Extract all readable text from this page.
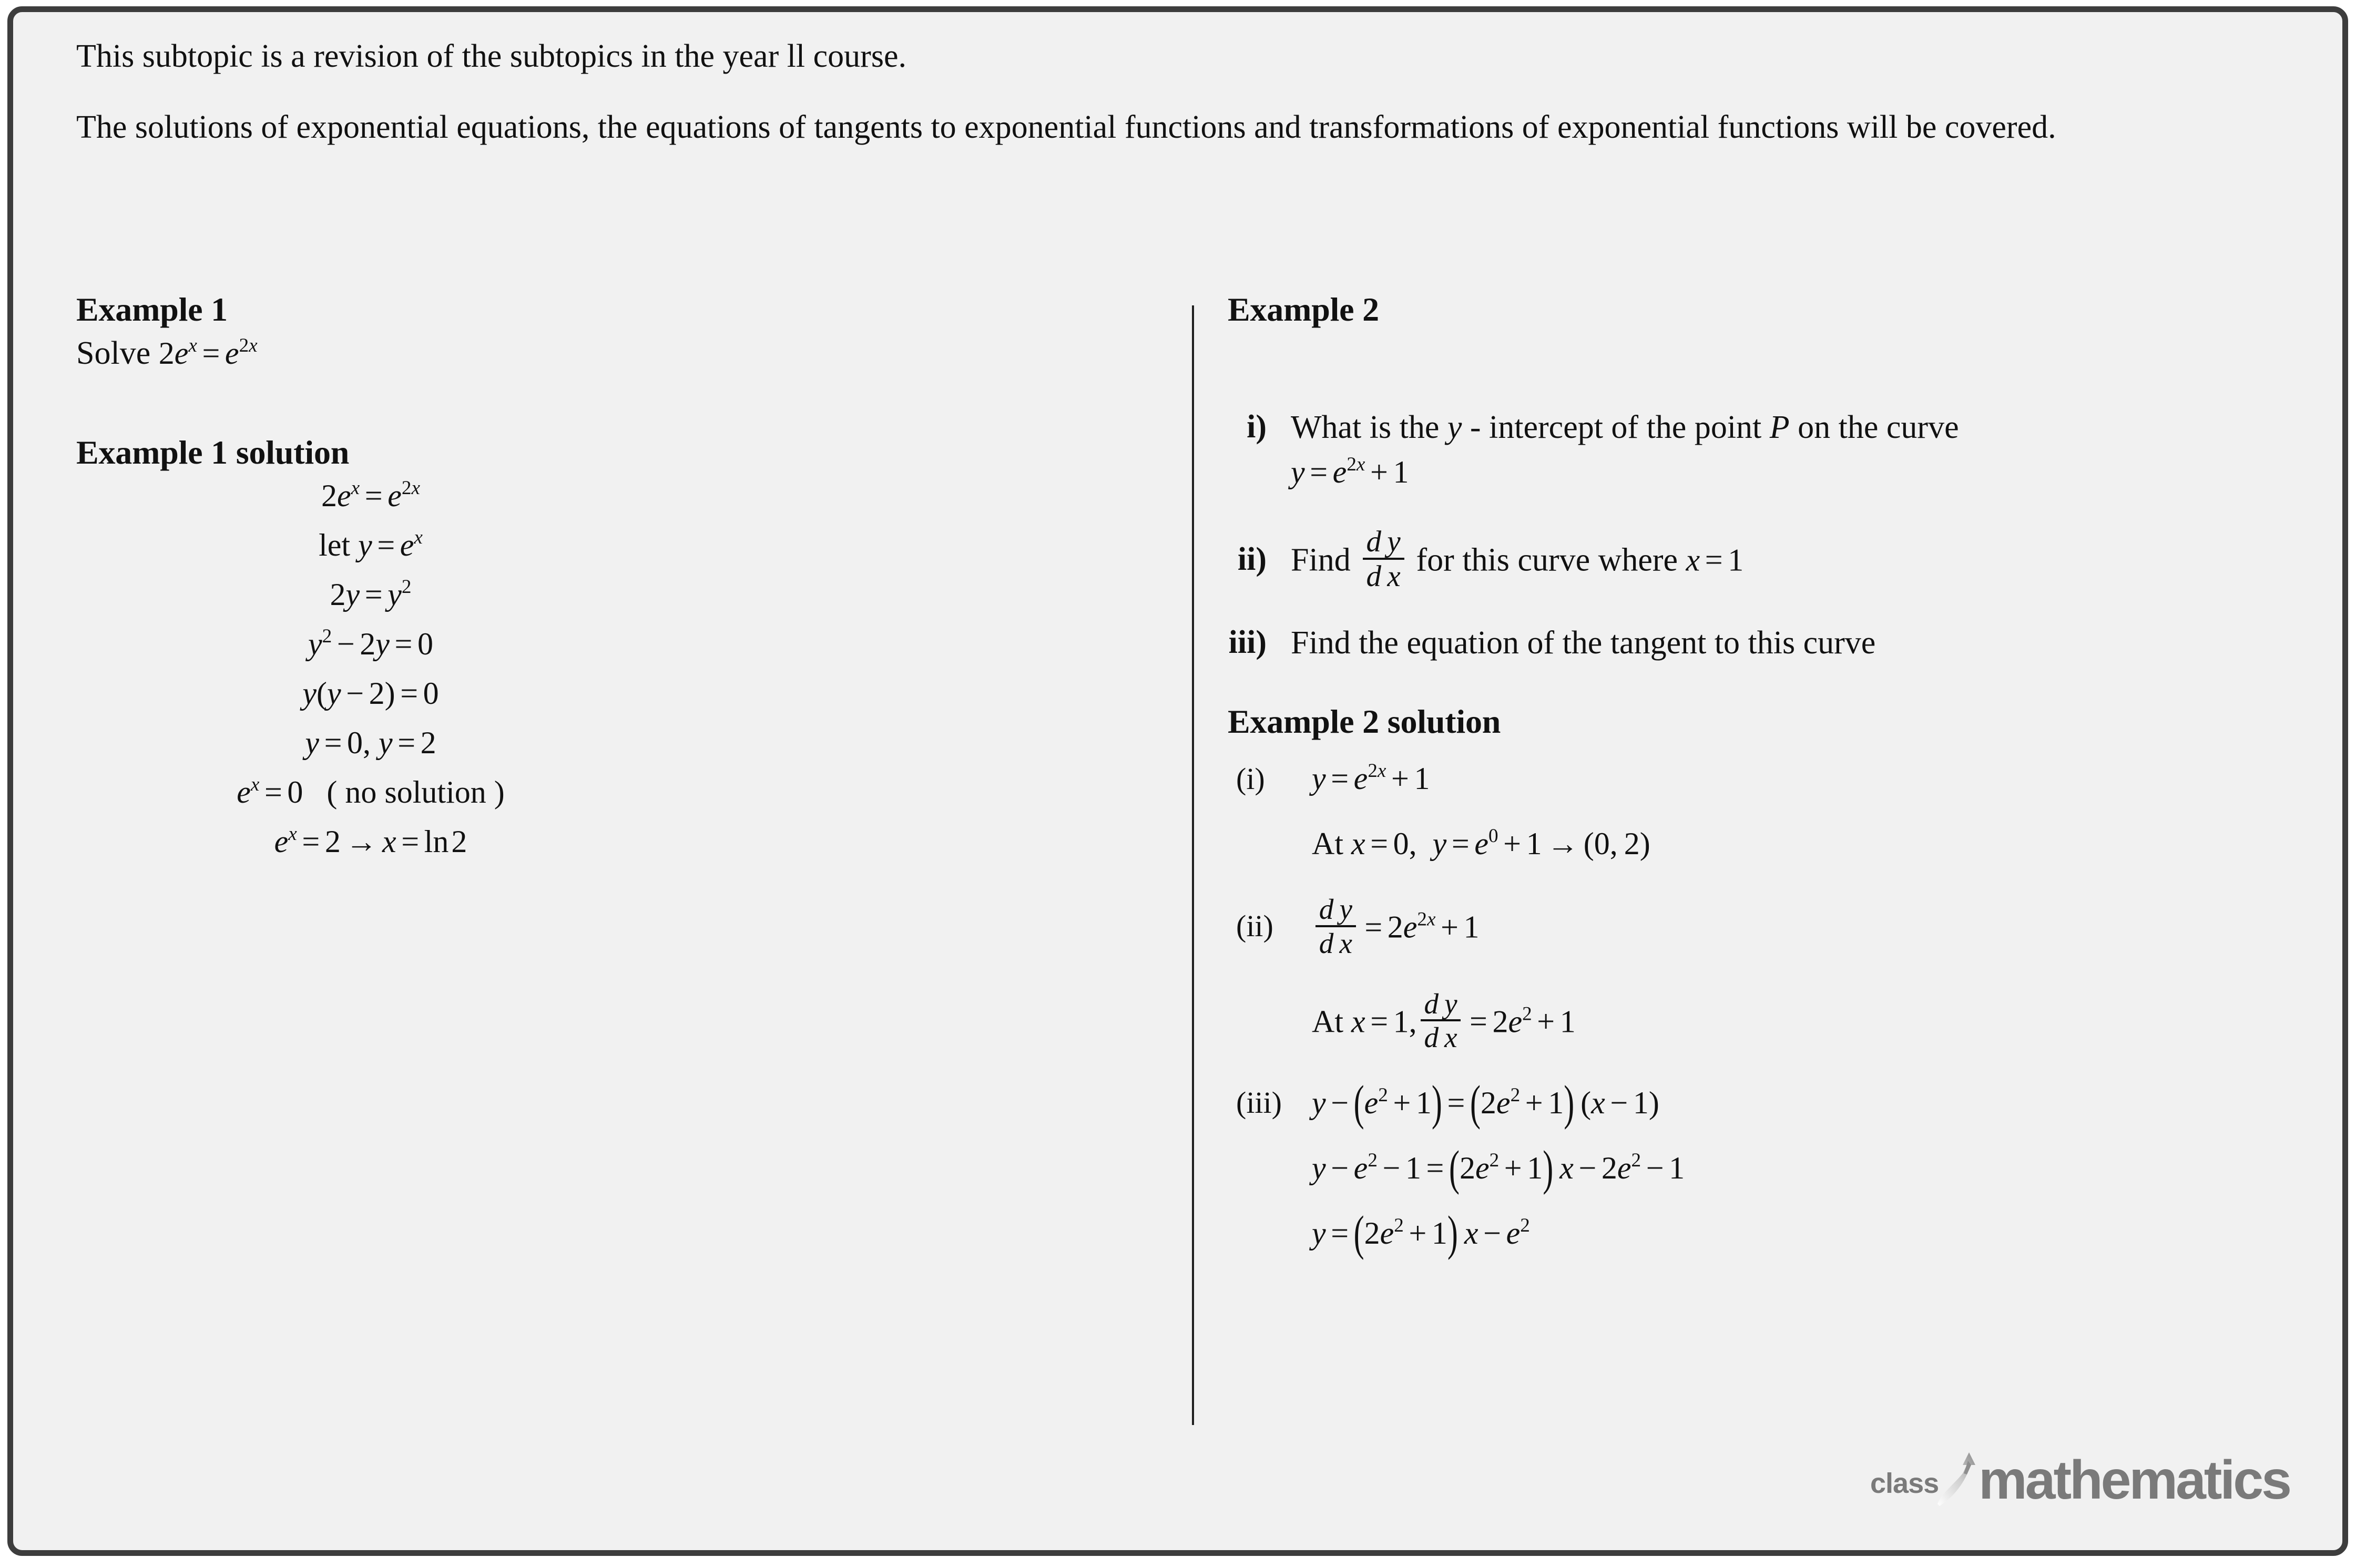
This subtopic is a revision of the subtopics in the year ll course.

The solutions of exponential equations, the equations of tangents to exponential functions and transformations of exponential functions will be covered.

Example 1
Solve $2e^x = e^{2x}$
Example 1 solution
$2e^x = e^{2x}$
let $y = e^x$
$2y = y^2$
$y^2 - 2y = 0$
y(y − 2) = 0
y = 0, y = 2
$e^x = 0$   ( no solution )
$e^x = 2 \to x = \ln$ 2
Example 2
i) What is the y - intercept of the point P on the curve
$y = e^{2x} + 1$
ii) Find $\frac{\text{d y}}{\text{d x}}$ for this curve where x = 1
iii) Find the equation of the tangent to this curve
Example 2 solution
(i)	$y = e^{2x} + 1$
At x = 0,  $y = e^0 + 1 \to (0$, 2)
(ii)	$\frac{\text{d y}}{\text{d x}} = 2e^{2x} + 1$
At x = 1, $\frac{\text{d y}}{\text{d x}} = 2e^2 + 1$
(iii) $y - (e^2 + 1) = (2e^2 + 1) (x - 1)$
$y - e^2 - 1 = (2e^2 + 1) x - 2e^2 - 1$
$y = (2e^2 + 1) x - e^2$
class mathematics
